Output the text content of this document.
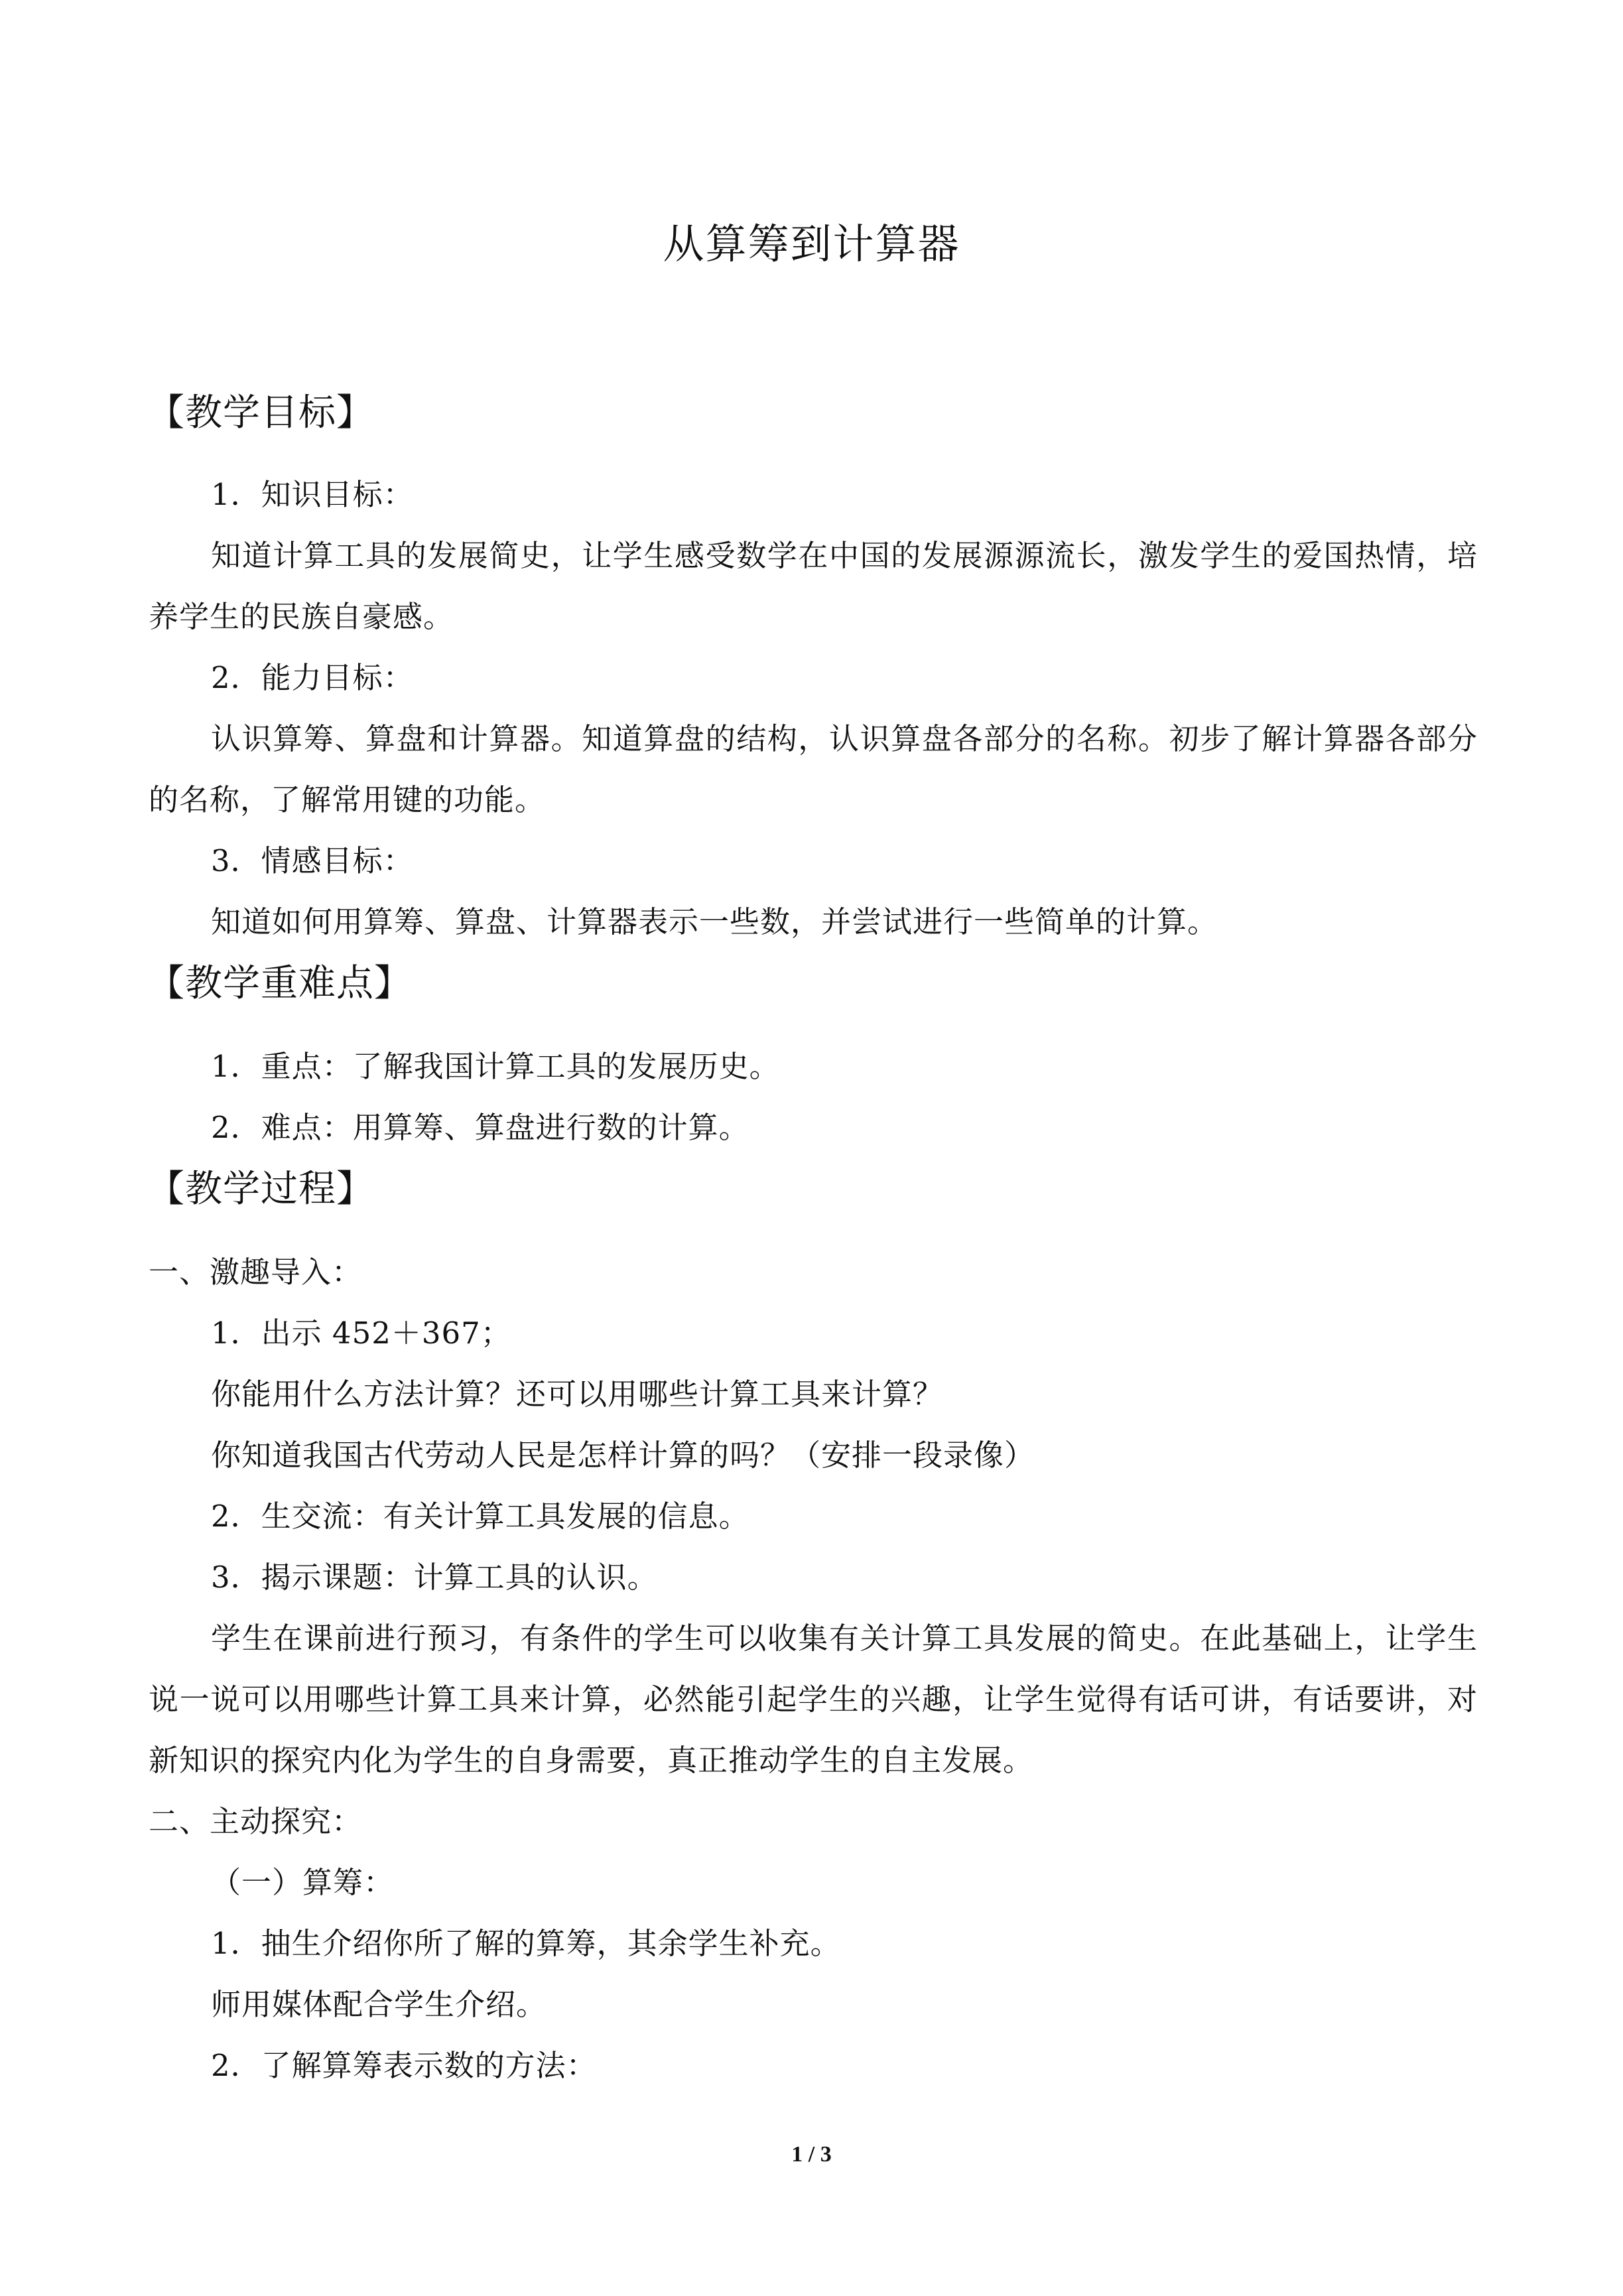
从算筹到计算器
【教学目标】
1．知识目标：
知道计算工具的发展简史，让学生感受数学在中国的发展源源流长，激发学生的爱国热情，培养学生的民族自豪感。
2．能力目标：
认识算筹、算盘和计算器。知道算盘的结构，认识算盘各部分的名称。初步了解计算器各部分的名称，了解常用键的功能。
3．情感目标：
知道如何用算筹、算盘、计算器表示一些数，并尝试进行一些简单的计算。
【教学重难点】
1．重点：了解我国计算工具的发展历史。
2．难点：用算筹、算盘进行数的计算。
【教学过程】
一、激趣导入：
1．出示 452＋367；
你能用什么方法计算？还可以用哪些计算工具来计算？
你知道我国古代劳动人民是怎样计算的吗？（安排一段录像）
2．生交流：有关计算工具发展的信息。
3．揭示课题：计算工具的认识。
学生在课前进行预习，有条件的学生可以收集有关计算工具发展的简史。在此基础上，让学生说一说可以用哪些计算工具来计算，必然能引起学生的兴趣，让学生觉得有话可讲，有话要讲，对新知识的探究内化为学生的自身需要，真正推动学生的自主发展。
二、主动探究：
（一）算筹：
1．抽生介绍你所了解的算筹，其余学生补充。
师用媒体配合学生介绍。
2．了解算筹表示数的方法：
1 / 3
